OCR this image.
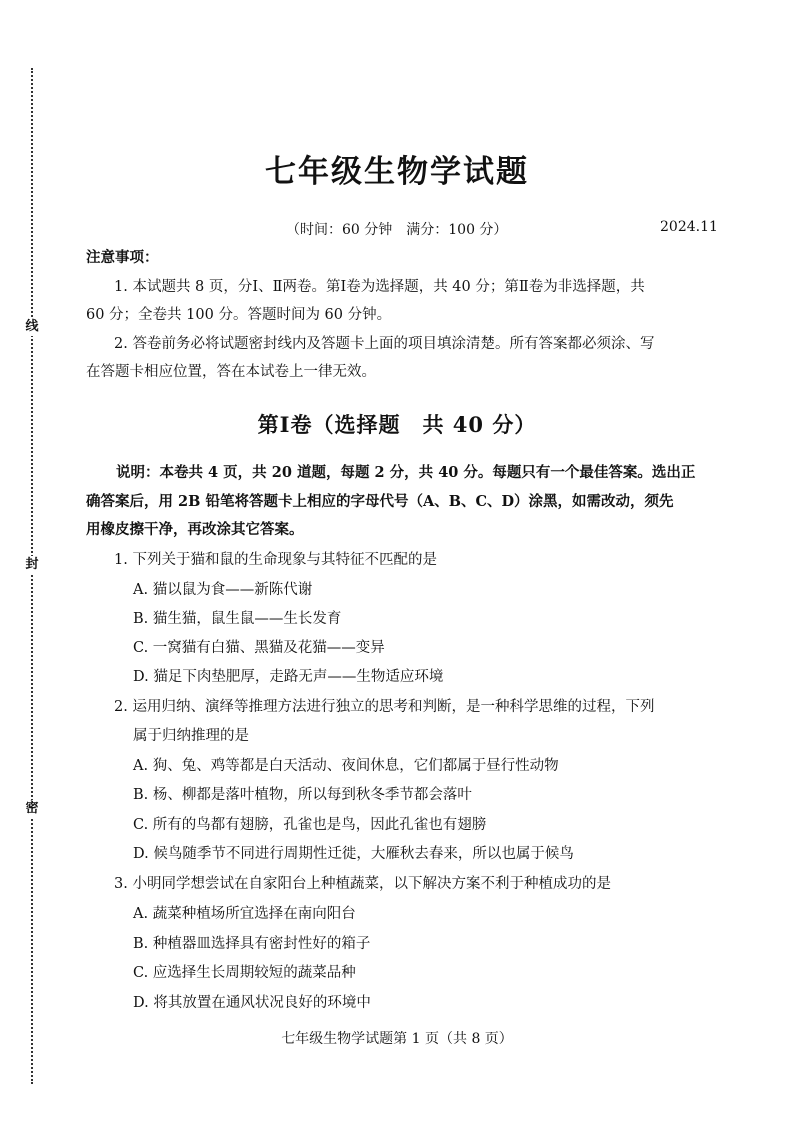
线
封
密
七年级生物学试题
（时间：60 分钟　满分：100 分）	2024.11
注意事项：
1. 本试题共 8 页，分Ⅰ、Ⅱ两卷。第Ⅰ卷为选择题，共 40 分；第Ⅱ卷为非选择题，共
60 分；全卷共 100 分。答题时间为 60 分钟。
2. 答卷前务必将试题密封线内及答题卡上面的项目填涂清楚。所有答案都必须涂、写
在答题卡相应位置，答在本试卷上一律无效。
第Ⅰ卷（选择题　共 40 分）
说明：本卷共 4 页，共 20 道题，每题 2 分，共 40 分。每题只有一个最佳答案。选出正
确答案后，用 2B 铅笔将答题卡上相应的字母代号（A、B、C、D）涂黑，如需改动，须先
用橡皮擦干净，再改涂其它答案。
1. 下列关于猫和鼠的生命现象与其特征不匹配的是
A. 猫以鼠为食——新陈代谢
B. 猫生猫，鼠生鼠——生长发育
C. 一窝猫有白猫、黑猫及花猫——变异
D. 猫足下肉垫肥厚，走路无声——生物适应环境
2. 运用归纳、演绎等推理方法进行独立的思考和判断，是一种科学思维的过程，下列
属于归纳推理的是
A. 狗、兔、鸡等都是白天活动、夜间休息，它们都属于昼行性动物
B. 杨、柳都是落叶植物，所以每到秋冬季节都会落叶
C. 所有的鸟都有翅膀，孔雀也是鸟，因此孔雀也有翅膀
D. 候鸟随季节不同进行周期性迁徙，大雁秋去春来，所以也属于候鸟
3. 小明同学想尝试在自家阳台上种植蔬菜，以下解决方案不利于种植成功的是
A. 蔬菜种植场所宜选择在南向阳台
B. 种植器皿选择具有密封性好的箱子
C. 应选择生长周期较短的蔬菜品种
D. 将其放置在通风状况良好的环境中
七年级生物学试题第 1 页（共 8 页）
